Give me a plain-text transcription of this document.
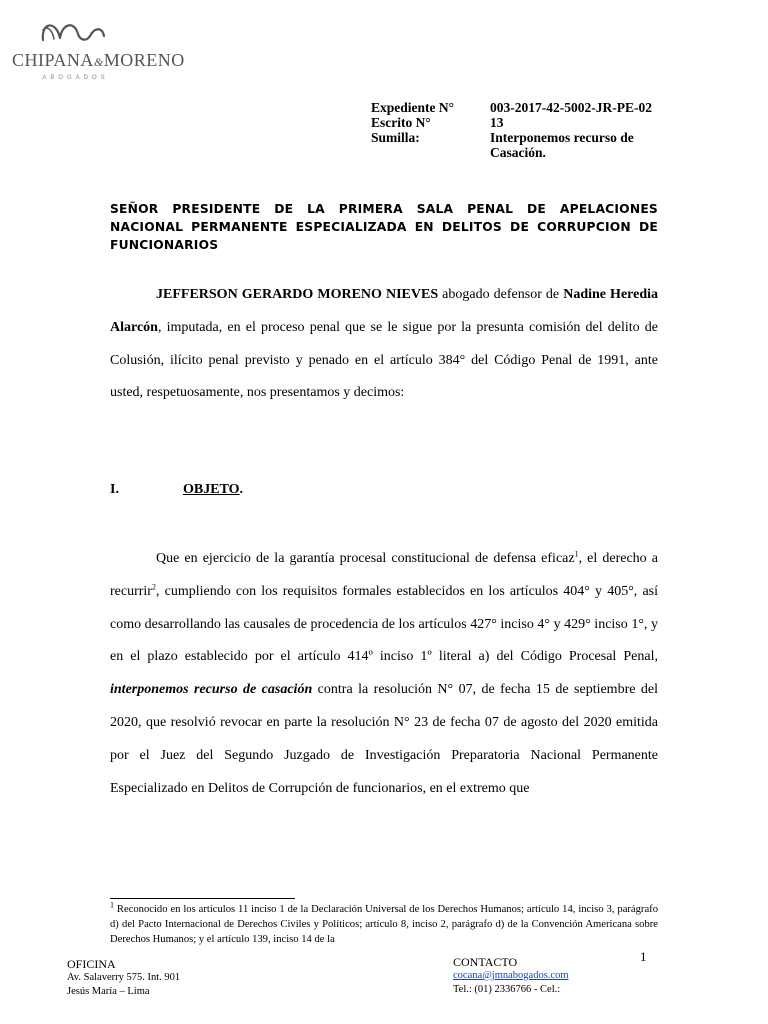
CHIPANA&MORENO
ABOGADOS
Expediente N°	003-2017-42-5002-JR-PE-02
Escrito N°	13
Sumilla:	Interponemos recurso de Casación.
SEÑOR PRESIDENTE DE LA PRIMERA SALA PENAL DE APELACIONES NACIONAL PERMANENTE ESPECIALIZADA EN DELITOS DE CORRUPCION DE FUNCIONARIOS
JEFFERSON GERARDO MORENO NIEVES abogado defensor de Nadine Heredia Alarcón, imputada, en el proceso penal que se le sigue por la presunta comisión del delito de Colusión, ilícito penal previsto y penado en el artículo 384° del Código Penal de 1991, ante usted, respetuosamente, nos presentamos y decimos:
I.	OBJETO.
Que en ejercicio de la garantía procesal constitucional de defensa eficaz$^1$, el derecho a recurrir$^2$, cumpliendo con los requisitos formales establecidos en los artículos 404° y 405°, así como desarrollando las causales de procedencia de los artículos 427° inciso 4° y 429° inciso 1°, y en el plazo establecido por el artículo 414º inciso 1º literal a) del Código Procesal Penal, interponemos recurso de casación contra la resolución N° 07, de fecha 15 de septiembre del 2020, que resolvió revocar en parte la resolución N° 23 de fecha 07 de agosto del 2020 emitida por el Juez del Segundo Juzgado de Investigación Preparatoria Nacional Permanente Especializado en Delitos de Corrupción de funcionarios, en el extremo que
$^1$ Reconocido en los artículos 11 inciso 1 de la Declaración Universal de los Derechos Humanos; artículo 14, inciso 3, parágrafo d) del Pacto Internacional de Derechos Civiles y Políticos; artículo 8, inciso 2, parágrafo d) de la Convención Americana sobre Derechos Humanos; y el artículo 139, inciso 14 de la
1
OFICINA
Av. Salaverry 575. Int. 901
Jesús María – Lima
CONTACTO
cocana@jmnabogados.com
Tel.: (01) 2336766 - Cel.:
